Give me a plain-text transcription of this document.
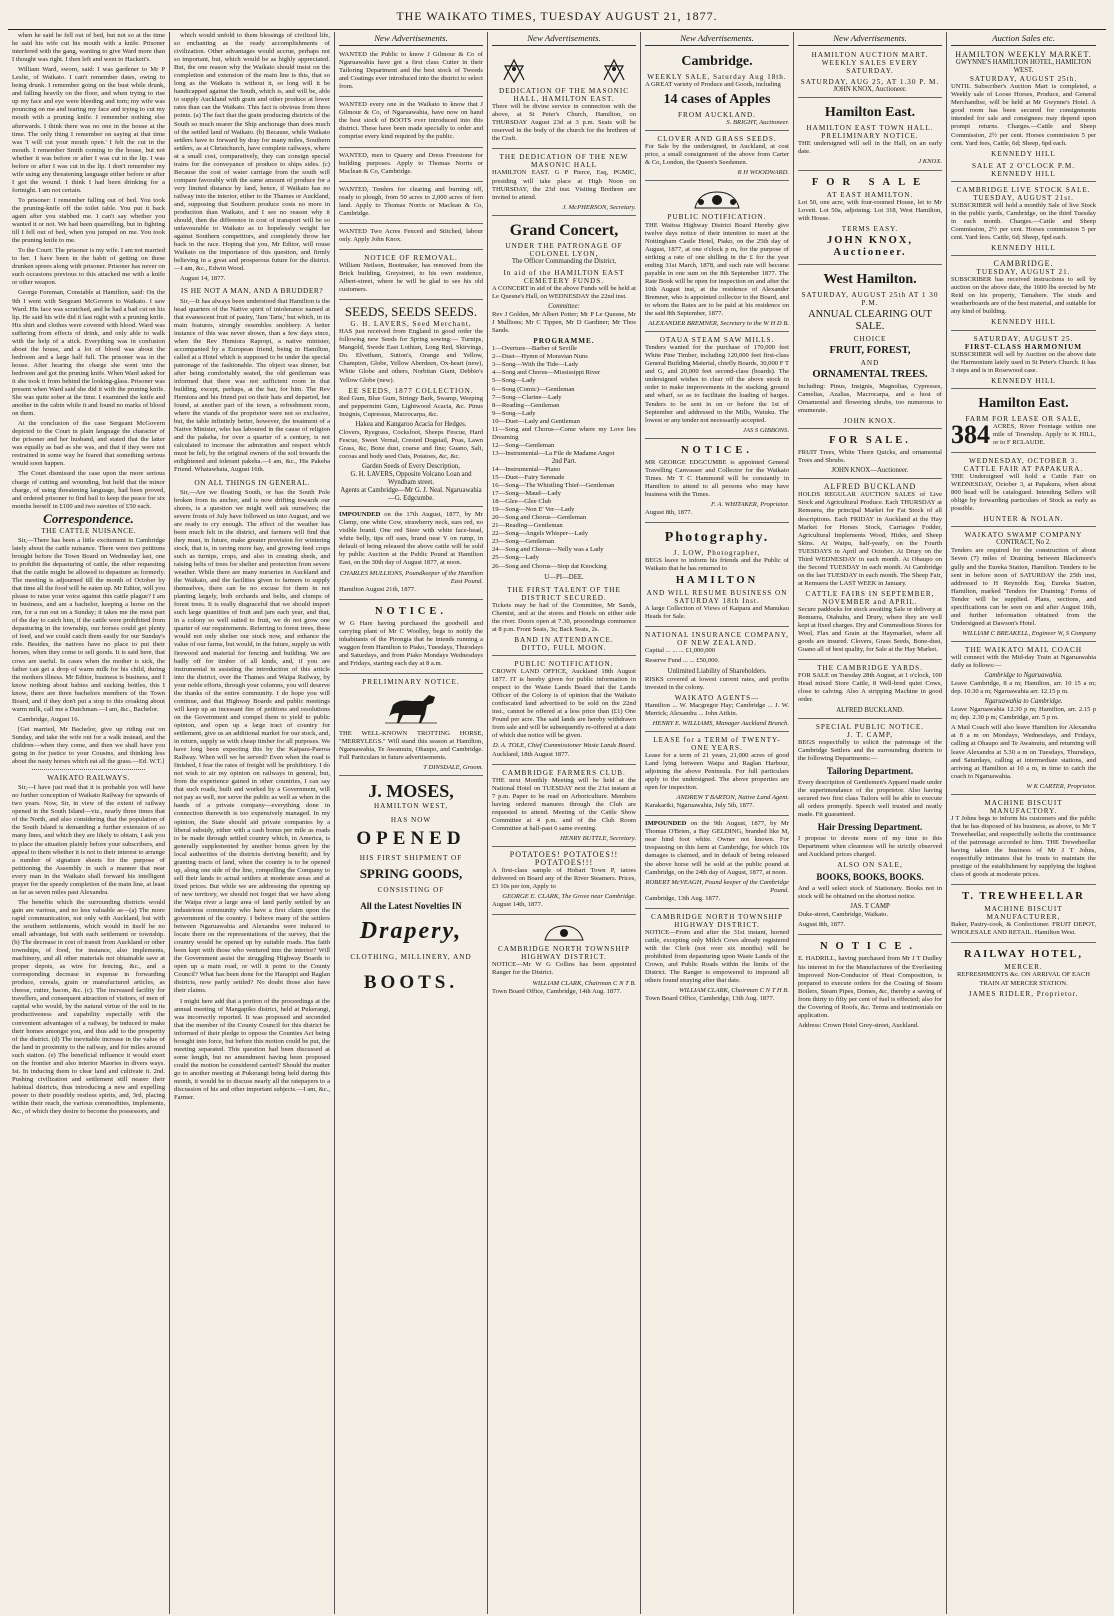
THE WAIKATO TIMES, TUESDAY AUGUST 21, 1877.

when he said he fell out of bed, but not so at the time he said his wife cut his mouth with a knife. Prisoner interfered with the gang, wanting to give Ward more than I thought was right. I then left and went to Hackett's.

William Ward, sworn, said: I was gardener to Mr P Leslie, of Waikato. I can't remember dates, owing to being drunk. I remember going on the bust while drunk, and falling heavily on the floor, and when trying to rise up my face and eye were bleeding and torn; my wife was pouncing on me and tearing my face and trying to cut my mouth with a pruning knife. I remember nothing else afterwards. I think there was no one in the house at the time. The only thing I remember on saying at that time was 'I will cut your mouth open.' I felt the cut in the mouth. I remember Smith coming to the house, but not whether it was before or after I was cut in the lip. I was before or after I was cut in the lip. I don't remember my wife using any threatening language either before or after I got the wound. I think I had been drinking for a fortnight. I am not certain.

To prisoner: I remember falling out of bed. You took the pruning-knife off the toilet table. You put it back again after you stabbed me. I can't say whether you wanted it or not. We had been quarrelling, but in fighting till I fell out of bed, when you jumped on me. You took the pruning knife to me.

To the Court: The prisoner is my wife. I am not married to her. I have been in the habit of getting on these drunken sprees along with prisoner. Prisoner has never on such occasions previous to this attacked me with a knife or other weapon.

George Foreman, Constable at Hamilton, said: On the 9th I went with Sergeant McGovern to Waikato. I saw Ward. His face was scratched, and he had a bad cut on his lip. He said his wife did it last night with a pruning knife. His shirt and clothes were covered with blood. Ward was suffering from effects of drink, and only able to walk with the help of a stick. Everything was in confusion about the house, and a lot of blood was about the bedroom and a large half full. The prisoner was in the house. After hearing the charge she went into the bedroom and got the pruning knife. When Ward asked for it she took it from behind the looking-glass. Prisoner was present when Ward said she did it with the pruning knife. She was quite sober at the time. I examined the knife and another in the cabin while it and found no marks of blood on them.

At the conclusion of the case Sergeant McGovern depicted to the Court in plain language the character of the prisoner and her husband, and stated that the latter was equally as bad as she was, and that if they were not restrained in some way he feared that something serious would soon happen.

The Court dismissed the case upon the more serious charge of cutting and wounding, but held that the minor charge, of using threatening language, had been proved, and ordered prisoner to find bail to keep the peace for six months herself in £100 and two sureties of £50 each.

Correspondence.
THE CATTLE NUISANCE.

Sir,—There has been a little excitement in Cambridge lately about the cattle nuisance. There were two petitions brought before the Town Board on Wednesday last, one to prohibit the depasturing of cattle, the other requesting that the cattle might be allowed to depasture as formerly. The meeting is adjourned till the month of October by that time all the food will be eaten up. Mr Editor, will you please to raise your voice against this cattle plague? I am in business, and am a bachelor, keeping a horse on the run, for a run out on a Sunday; it takes me the most part of the day to catch him, if the cattle were prohibited from depasturing in the township, our horses could get plenty of feed, and we could catch them easily for our Sunday's ride. Besides, the natives have no place to put their horses, when they come to sell goods. It is said here, that cows are useful. In cases when the mother is sick, the father can get a drop of warm milk for his child, during the mothers illness. Mr Editor, business is business, and I know nothing about babies and sucking bottles, this I know, there are three bachelors members of the Town Board, and if they don't put a stop to this croaking about warm milk, call me a Dutchman.—I am, &c., Bachelor.

Cambridge, August 16.

[Get married, Mr Bachelor, give up riding out on Sunday, and take the wife out for a walk instead, and the children—when they come, and then we shall have you going in for justice to your Cousins, and thinking less about the nasty horses which eat all the grass.—Ed. W.T.]

WAIKATO RAILWAYS.

Sir,—I have just read that it is probable you will have no further conception of Waikato Railway for upwards of two years. Now, Sir, in view of the extent of railway opened in the South Island—viz., nearly three times that of the North, and also considering that the population of the South Island is demanding a further extension of so many lines, and which they are likely to obtain, I ask you to place the situation plainly before your subscribers, and appeal to them whether it is not to their interest to arrange a number of signature sheets for the purpose of petitioning the Assembly in such a manner that near every man in the Waikato shall forward his intelligent prayer for the speedy completion of the main line, at least as far as seven miles past Alexandra.

The benefits which the surrounding districts would gain are various, and no less valuable as—(a) The more rapid communication, not only with Auckland, but with the southern settlements, which would in itself be no small advantage, but with each settlement or township. (b) The decrease in cost of transit from Auckland or other townships, of food, for instance, also implements, machinery, and all other materials not obtainable save at proper depots, as wire for fencing, &c., and a corresponding decrease in expense in forwarding produce, cereals, grain or manufactured articles, as cheese, cutter, bacon, &c. (c). The increased facility for travellers, and consequent attraction of visitors, of men of capital who would, by the natural virtue of the soil in its productiveness and capability especially with the convenient advantages of a railway, be induced to make their homes amongst you, and thus add to the prosperity of the district. (d) The inevitable increase in the value of the land in proximity to the railway, and for miles around such station. (e) The beneficial influence it would exert on the frontier and also interior Maories in divers ways. Ist. In inducing them to clear land and cultivate it. 2nd. Pushing civilization and settlement still nearer their habitual districts, thus introducing a new and expelling power to their possibly restless spirits, and, 3rd, placing within their reach, the various commodities, implements, &c., of which they desire to become the possessors, and

which would unfold to them blessings of civilized life, so enchanting as the ready accomplishments of civilization. Other advantages would accrue, perhaps not so important, but, which would be as highly appreciated. But, the one reason why the Waikato should insist on the completion and extension of the main line is this, that so long as the Waikato is without it, so long will it be handicapped against the South, which is, and will be, able to supply Auckland with grain and other produce at lower rates than can the Waikato. This fact is obvious from three points. (a) The fact that the grain producing districts of the South so much nearer the Ship anchorage than does much of the settled land of Waikato. (b) Because, while Waikato settlers have to forward by dray for many miles, Southern settlers, as at Christchurch, have complete railways, where at a small cost, comparatively, they can consign special trains for the conveyance of produce to ships sides. (c) Because the cost of water carriage from the south will compare favorably with the same amount of produce for a very limited distance by land, hence, if Waikato has no railway into the interior, either to the Thames or Auckland, and, supposing that Southern produce costs no more in production than Waikato, and I see no reason why it should, then the difference in cost of transport will be so unfavourable to Waikato as to hopelessly weight her against Southern competitors, and completely throw her back in the race. Hoping that you, Mr Editor, will rouse Waikato on the importance of this question, and firmly believing in a great and prosperous future for the district.—I am, &c., Edwin Wood.

August 14, 1877.

IS HE NOT A MAN, AND A BRUDDER?

Sir,—It has always been understood that Hamilton is the head quarters of the Native spirit of intolerance named at that evanescent fruit of pastry, 'Jam Tarts,' but which, in its main features, strongly resembles snobbery. A better instance of this was never shown, than a few days since, when the Rev Hemiora Rapropi, a native minister, accompanied by a European friend, being in Hamilton, called at a Hotel which is supposed to be under the special patronage of the fashionable. The object was dinner, but after being comfortably seated, the old gentleman was informed that there was not sufficient room in that building, except, perhaps, at the bar, for him. The Rev Hemiora and his friend put on their hats and departed, but found, at another part of the town, a refreshment room, where the viands of the proprietor were not so exclusive, but, the table infinitely better, however, the treatment of a Native Minister, who has laboured in the cause of religion and the pakeha, for over a quarter of a century, is not calculated to increase the admiration and respect which must be felt, by the original owners of the soil towards the enlightened and tolerant pakeha.—I am, &c., His Pakeha Friend. Whatawhata, August 16th.

ON ALL THINGS IN GENERAL.

Sir,—Are we floating South, or has the South Pole broken from its anchor, and is now drifting towards our shores, is a question we might well ask ourselves; the severe frosts of July have followed us into August, and we are ready to cry enough. The effect of the weather has been much felt in the district, and farmers will find that they must, in future, make greater provision for wintering stock, that is, in raving more hay, and growing feed crops such as turnips, crops, and also in creating sheds, and raising belts of trees for shelter and protection from severe weather. While there are many nurseries in Auckland and the Waikato, and the facilities given to farmers to supply themselves, there can be no excuse for them in not planting largely, both orchards and belts, and clumps of forest trees. It is really disgraceful that we should import such large quantities of fruit and jam each year, and that, in a colony so well suited to fruit, we do not grow one quarter of our requirements. Referring to forest trees, these would not only shelter our stock now, and enhance the value of our farms, but would, in the future, supply us with firewood and material for fencing and building. We are badly off for timber of all kinds, and, if you are instrumental in assisting the introduction of this article into the district, over the Thames and Waipa Railway, by your noble efforts, through your columns, you will deserve the thanks of the entire community. I do hope you will continue, and that Highway Boards and public meetings will keep up an incessant fire of petitions and resolutions on the Government and compel them to yield to public opinion, and open up a large tract of country for settlement, give us an additional market for our stock, and, in return, supply us with cheap timber for all purposes. We have long been expecting this by the Kaipara-Paeroa Railway. When will we be served? Even when the road is finished, I fear the rates of freight will be prohibitory. I do not wish to air my opinion on railways in general, but, from the experience gained in other countries, I can say that such roads, built and worked by a Government, will not pay as well, nor serve the public as well as when in the hands of a private company—everything done in connection therewith is too expensively managed. In my opinion, the State should aid private companies by a liberal subsidy, either with a cash bonus per mile as roads to be made through settled country which, in America, is generally supplemented by another bonus given by the local authorities of the districts deriving benefit; and by granting tracts of land, when the country is to be opened up, along one side of the line, compelling the Company to sell their lands to actual settlers at moderate areas and at fixed prices. But while we are addressing the opening up of new territory, we should not forget that we have along the Waipa river a large area of land partly settled by an industrious community who have a first claim upon the government of the country. I believe many of the settlers between Ngaruawahia and Alexandra were induced to locate there on the representations of the survey, that the country would be opened up by suitable roads. Has faith been kept with those who ventured into the interior? Will the Government assist the struggling Highway Boards to open up a main road, or will it point to the County Council? What has been done for the Harapipi and Raglan districts, now partly settled? No doubt those also have their claims.

I might here add that a portion of the proceedings at the annual meeting of Mangapiko district, held at Pukerangi, was incorrectly reported. It was proposed and seconded that the member of the County Council for this district be informed of their pledge to oppose the Counties Act being brought into force, but before this motion could be put, the meeting separated. This question had been discussed at some length, but no amendment having been proposed could the motion be considered carried? Should the matter go to another meeting at Pukerangi being held during this month, it would be to discuss nearly all the ratepayers to a discussion of his and other important subjects.—I am, &c., Farmer.

New Advertisements.

WANTED the Public to know J Gilmour & Co of Ngaruawahia have got a first class Cutter in their Tailoring Department and the best stock of Tweeds and Coatings ever introduced into the district to select from.

WANTED every one in the Waikato to know that J Gilmour & Co, of Ngaruawahia, have now on hand the best stock of BOOTS ever introduced into this district. These have been made specially to order and comprise every kind required by the public.

WANTED, men to Quarry and Dress Freestone for building purposes. Apply to Thomas Norris or Maclean & Co, Cambridge.

WANTED, Tenders for clearing and burning off, ready to plough, from 50 acres to 2,000 acres of fern land. Apply to Thomas Norris or Maclean & Co, Cambridge.

WANTED Two Acres Fenced and Stitched, labour only. Apply John Knox.

NOTICE OF REMOVAL.

William Neilson, Bootmaker, has removed from the Brick building, Greystreet, to his own residence, Albert-street, where he will be glad to see his old customers.

SEEDS, SEEDS SEEDS.
G. H. LAVERS, Seed Merchant,

HAS just received from England in good order the following new Seeds for Spring sowing:— Turnips, Mangold, Swede East Lothian, Long Red, Skirvings, Do. Elvetham, Sutton's, Orange and Yellow, Champion, Globe, Yellow Aberdeen, Ox-heart (new), White Globe and others, Norbitan Giant, Debbio's Yellow Globe (new).

EE SEEDS, 1877 COLLECTION.

Red Gum, Blue Gum, Stringy Bark, Swamp, Weeping and peppermint Gum, Lightwood Acacia, &c. Pinus Insignis, Cupressus, Macrocarpa, &c.

Hakea and Kangaroo Acacia for Hedges.

Clovers, Ryegrass, Cocksfoot, Sheeps Fescue, Hard Fescue, Sweet Vernal, Crested Dogstail, Poas, Lawn Grass, &c, Bone dust, coarse and fine; Guano, Salt, cocoas and body seed Oats, Potatoes, &c, &c.

Garden Seeds of Every Description,
G. H. LAVERS, Opposite Volcano Loan and Wyndham street.
Agents at Cambridge—Mr G. J. Neal. Ngaruawahia—G. Edgcumbe.

IMPOUNDED on the 17th August, 1877, by Mr Clamp, one white Cow, strawberry neck, ears red, no visible brand. One red Steer with white face-head, white belly, tips off ears, brand near Y on rump, in default of being released the above cattle will be sold by public Auction at the Public Pound at Hamilton East, on the 30th day of August 1877, at noon.

CHARLES MULLIONS, Poundkeeper of the Hamilton East Pound.

Hamilton August 21th, 1877.

NOTICE.

W G Hare having purchased the goodwill and carrying plant of Mr C Woolley, begs to notify the inhabitants of the Pirongia that he intends running a waggon from Hamilton to Piako, Tuesdays, Thursdays and Saturdays, and from Piako Mondays Wednesdays and Fridays, starting each day at 8 a.m.

PRELIMINARY NOTICE.

THE WELL-KNOWN TROTTING HORSE, "MERRYLEGS." Will stand this season at Hamilton, Ngaruawahia, Te Awamutu, Ohaupo, and Cambridge. Full Particulars in future advertisements.

T DINSDALE, Groom.
J. MOSES,
HAMILTON WEST,
HAS NOW
OPENED
HIS FIRST SHIPMENT OF
SPRING GOODS,
CONSISTING OF
All the Latest Novelties IN
Drapery,
CLOTHING, MILLINERY, AND
BOOTS.
New Advertisements.
DEDICATION OF THE MASONIC HALL, HAMILTON EAST.

There will be divine service in connection with the above, at St Peter's Church, Hamilton, on THURSDAY August 23d at 3 p.m. Seats will be reserved in the body of the church for the brethren of the Craft.

THE DEDICATION OF THE NEW MASONIC HALL

HAMILTON EAST. G P Pierce, Esq, PGMIC, presiding will take place at High Noon on THURSDAY, the 23d inst. Visiting Brethren are invited to attend.

J. McPHERSON, Secretary.
Grand Concert,
UNDER THE PATRONAGE OF COLONEL LYON,
The Officer Commanding the District,
In aid of the HAMILTON EAST CEMETERY FUNDS.

A CONCERT in aid of the above Funds will be held at Le Quesne's Hall, on WEDNESDAY the 22nd inst.

Committee:

Rev J Golden, Mr Albert Potter; Mr P Le Quesne, Mr J Mullions; Mr C Tippen, Mr D Gardiner; Mr Thos Sands.

PROGRAMME.
1—Overture—Barber of Seville
2—Duet—Hymn of Moravian Nuns
3—Song—With the Tide—Lady
4—Song and Chorus—Mississippi River
5—Song—Lady
6—Song (Comic)—Gentleman
7—Song—Clarine—Lady
8—Reading—Gentleman
9—Song—Lady
10—Duet—Lady and Gentleman
11—Song and Chorus—Come where my Love lies Dreaming
12—Song—Gentleman
13—Instrumental—La File de Madame Angot
2nd Part.
14—Instrumental—Piano
15—Duet—Fairy Serenade
16—Song—The Whistling Thief—Gentleman
17—Song—Maud—Lady
18—Glee—Glee Club
19—Song—Non E' Ver—Lady
20—Song and Chorus—Gentleman
21—Reading—Gentleman
22—Song—Angels Whisper—Lady
23—Song—Gentleman
24—Song and Chorus—Nelly was a Lady
25—Song—Lady
26—Song and Chorus—Stop dat Knocking
U—PI—DEE.
THE FIRST TALENT OF THE DISTRICT SECURED.

Tickets may be had of the Committee, Mr Sands, Chemist, and at the stores and Hotels on either side the river. Doors open at 7.30, proceedings commence at 8 p.m. Front Seats, 3s; Back Seats, 2s.

BAND IN ATTENDANCE.
DITTO, FULL MOON.
PUBLIC NOTIFICATION.

CROWN LAND OFFICE, Auckland 18th August 1877. IT is hereby given for public information in respect to the Waste Lands Board that the Lands Officer of the Colony is of opinion that the Waikato confiscated land advertised to be sold on the 22nd inst., cannot be offered at a less price than (£1) One Pound per acre. The said lands are hereby withdrawn from sale and will be subsequently re-offered at a date of which due notice will be given.

D. A. TOLE, Chief Commissioner Waste Lands Board.

Auckland, 18th August 1877.

CAMBRIDGE FARMERS CLUB.

THE next Monthly Meeting will be held at the National Hotel on TUESDAY next the 21st instant at 7 p.m. Paper to be read on Arboriculture. Members having ordered manures through the Club are requested to attend. Meeting of the Cattle Show Committee at 4 p.m. and of the Club Room Committee at half-past 6 same evening.

HENRY BUTTLE, Secretary.
POTATOES! POTATOES!!
POTATOES!!!

A first-class sample of Hobart Town P, tatoes delivered on Board any of the River Steamers. Prices, £3 10s per ton, Apply to

GEORGE E. CLARK, The Grove near Cambridge.

August 14th, 1877.

CAMBRIDGE NORTH TOWNSHIP HIGHWAY DISTRICT.

NOTICE—Mr W G Collins has been appointed Ranger for the District.

WILLIAM CLARK, Chairman C N T B.

Town Board Office, Cambridge, 14th Aug. 1877.

New Advertisements.
Cambridge.
WEEKLY SALE, Saturday Aug 18th.

A GREAT variety of Produce and Goods, including

14 cases of Apples
FROM AUCKLAND.
S. BRIGHT, Auctioneer.
CLOVER AND GRASS SEEDS.

For Sale by the undersigned, in Auckland, at cost price, a small consignment of the above from Carter & Co, London, the Queen's Seedsmen.

R H WOODWARD.
PUBLIC NOTIFICATION.

THE Waitoa Highway District Board Hereby give twelve days notice of their intention to meet at the Nottingham Castle Hotel, Piako, on the 25th day of August, 1877, at one o'clock p m, for the purpose of striking a rate of one shilling in the £ for the year ending 31st March, 1878, and such rate will become payable in one sum on the 8th September 1877. The Rate Book will be open for inspection on and after the 10th August inst, at the residence of Alexander Bremner, who is appointed collector to the Board, and to whom the Rates are to be paid at his residence on the said 8th September, 1877.

ALEXANDER BREMNER, Secretary to the W H D B.
OTAUA STEAM SAW MILLS.

Tenders wanted for the purchase of 170,000 feet White Pine Timber, including 120,000 feet first-class General Building Material, chiefly Boards, 30,000 F T and G, and 20,000 feet second-class (boards). The undersigned wishes to clear off the above stock in order to make improvements in the stacking ground and wharf, so as to facilitate the loading of barges. Tenders to be sent in on or before the 1st of September and addressed to the Mills, Waiuku. The lowest or any tender not necessarily accepted.

JAS S GIBBONS.
NOTICE.

MR GEORGE EDGCUMBE is appointed General Travelling Canvasser and Collector for the Waikato Times. Mr T C Hammond will be constantly in Hamilton to attend to all persons who may have business with the Times.

F. A. WHITAKER, Proprietor.

August 8th, 1877.

Photography.
J. LOW, Photographer,

BEGS leave to inform his friends and the Public of Waikato that he has returned to

HAMILTON
AND WILL RESUME BUSINESS ON
SATURDAY 18th Inst.

A large Collection of Views of Kaipara and Manukau Heads for Sale.

NATIONAL INSURANCE COMPANY, OF NEW ZEALAND.

Capital ... ... ... £1,000,000

Reserve Fund ... ... £50,000.

Unlimited Liability of Shareholders.

RISKS covered at lowest current rates, and profits invested in the colony.

WAIKATO AGENTS—

Hamilton ... W. Macgregor Hay; Cambridge ... J. W. Merrick; Alexandra ... John Aitkin.

HENRY E. WILLIAMS, Manager Auckland Branch.
LEASE for a TERM of TWENTY-ONE YEARS.

Lease for a term of 21 years, 21,000 acres of good Land lying between Waipa and Raglan Harbour, adjoining the above Peninsula. For full particulars apply to the undersigned. The above properties are open for inspection.

ANDREW T BARTON, Native Land Agent.

Karakariki, Ngaruawahia, July 5th, 1877.

IMPOUNDED on the 9th August, 1877, by Mr Thomas O'Brien, a Bay GELDING, branded like M, near hind foot white. Owner not known. For trespassing on this farm at Cambridge, for which 10s damages is claimed, and in default of being released the above horse will be sold at the public pound at Cambridge, on the 24th day of August, 1877, at noon.

ROBERT McVEAGH, Pound keeper of the Cambridge Pound.

Cambridge, 13th Aug. 1877.

CAMBRIDGE NORTH TOWNSHIP HIGHWAY DISTRICT.

NOTICE—From and after the 31st instant, horned cattle, excepting only Milch Cows already registered with the Clerk (not over six months) will be prohibited from depasturing upon Waste Lands of the Crown, and Public Roads within the limits of the District. The Ranger is empowered to impound all others found straying after that date.

WILLIAM CLARK, Chairman C N T H B.

Town Board Office, Cambridge, 13th Aug. 1877.

New Advertisements.
HAMILTON AUCTION MART.
WEEKLY SALES EVERY SATURDAY.
SATURDAY, AUG 25, AT 1.30 P. M.
JOHN KNOX, Auctioneer.
Hamilton East.
HAMILTON EAST TOWN HALL.
PRELIMINARY NOTICE.

THE undersigned will sell in the Hall, on an early date.

J KNOX.
FOR SALE
AT EAST HAMILTON.

Lot 50, one acre, with four-roomed House, let to Mr Lovett. Lot 50a, adjoining. Lot 318, West Hamilton, with House.

TERMS EASY.
JOHN KNOX, Auctioneer.
West Hamilton.
SATURDAY, AUGUST 25th AT 1 30 P.M.
ANNUAL CLEARING OUT SALE.
CHOICE
FRUIT, FOREST,
AND
ORNAMENTAL TREES.

Including: Pinus, Insignis, Magnolias, Cypresses, Camelias, Azalias, Macrocarpa, and a host of Ornamental and flowering shrubs, too numerous to enumerate.

JOHN KNOX.
FOR SALE.

FRUIT Trees, White Thorn Quicks, and ornamental Trees and Shrubs.

JOHN KNOX—Auctioneer.
ALFRED BUCKLAND

HOLDS REGULAR AUCTION SALES of Live Stock and Agricultural Produce. Each THURSDAY at Remuera, the principal Market for Fat Stock of all descriptions. Each FRIDAY in Auckland at the Hay Market for Horses Stock, Carriages Fodder, Agricultural Implements Wood, Hides, and Sheep Skins. At Waipu, half-yearly, on the Fourth TUESDAYS in April and October. At Drury on the Third WEDNESDAY in each month. At Ohaupo on the Second TUESDAY in each month. At Cambridge on the last TUESDAY in each month. The Sheep Fair, at Remuera the LAST WEEK in January.

CATTLE FAIRS IN SEPTEMBER, NOVEMBER and APRIL.

Secure paddocks for stock awaiting Sale or delivery at Remuera, Otahuhu, and Drury, where they are well kept at fixed charges. Dry and Commodious Stores for Wool, Flax and Grain at the Haymarket, where all goods are insured. Clovers, Grass Seeds, Bone-dust, Guano all of best quality, for Sale at the Hay Market.

THE CAMBRIDGE YARDS.

FOR SALE on Tuesday 28th August, at 1 o'clock, 100 Head mixed Store Cattle, 8 Well-bred quiet Cows, close to calving. Also A stripping Machine in good order.

ALFRED BUCKLAND.
SPECIAL PUBLIC NOTICE.
J. T. CAMP,

BEGS respectfully to solicit the patronage of the Cambridge Settlers and the surrounding districts to the following Departments:—

Tailoring Department.

Every description of Gentlemen's Apparel made under the superintendance of the proprietor. Also having secured two first class Tailors will be able to execute all orders promptly. Speech well trusted and neatly made. Fit guaranteed.

Hair Dressing Department.

I propose to devote more of my time to this Department when cleanness will be strictly observed and Auckland prices charged.

ALSO ON SALE,
BOOKS, BOOKS, BOOKS.

And a well select stock of Stationary. Books not in stock will be obtained on the shortest notice.

JAS. T CAMP

Duke-street, Cambridge, Waikato.

August 8th, 1877.

NOTICE.

E. HADRILL, having purchased from Mr J T Dudley his interest in for the Manufactures of the Everlasting Improved Non-Conductor of Heat Composition, is prepared to execute orders for the Coating of Steam Boilers, Steam Pipes, Domes, &c, thereby a saving of from thirty to fifty per cent of fuel is effected; also for the Covering of Roofs, &c. Terms and testimonials on application.

Address: Crown Hotel Grey-street, Auckland.

Auction Sales etc.
HAMILTON WEEKLY MARKET.
GWYNNE'S HAMILTON HOTEL, HAMILTON WEST.
SATURDAY, AUGUST 25th.

UNTIL Subscriber's Auction Mart is completed, a Weekly sale of Loose Horses, Produce, and General Merchandise, will be held at Mr Gwynne's Hotel. A good room has been secured for consignments intended for sale and consignees may depend upon prompt returns. Charges.—Cattle and Sheep Commission, 2½ per cent. Horses commission 5 per cent. Yard fees, Cattle, 6d; Sheep, 6pd each.

KENNEDY HILL
SALE AT 2 O'CLOCK P.M.
KENNEDY HILL
CAMBRIDGE LIVE STOCK SALE.
TUESDAY, AUGUST 21st.

SUBSCRIBER will hold a monthly Sale of live Stock in the public yards, Cambridge, on the third Tuesday in each month. Charges.—Cattle and Sheep Commission, 2½ per cent. Horses commission 5 per cent. Yard fees. Cattle, 6d; Sheep, 6pd each.

KENNEDY HILL
CAMBRIDGE.
TUESDAY, AUGUST 21.

SUBSCRIBER has received instructions to sell by auction on the above date, the 1600 lbs erected by Mr Reid on his property, Tamahere. The studs and weatherboards are of the best material, and suitable for any kind of building.

KENNEDY HILL
SATURDAY, AUGUST 25.
FIRST-CLASS HARMONIUM

SUBSCRIBER will sell by Auction on the above date the Harmonium lately used in St Peter's Church. It has 3 steps and is in Rosewood case.

KENNEDY HILL
Hamilton East.
FARM FOR LEASE OR SALE,

384 ACRES, River Frontage within one mile of Township. Apply to K HILL, or to F RCLAUDE.

WEDNESDAY, OCTOBER 3.
CATTLE FAIR AT PAPAKURA.

THE Undersigned will hold a Cattle Fair on WEDNESDAY, October 3, at Papakura, when about 800 head will be catalogued. Intending Sellers will oblige by forwarding particulars of Stock as early as possible.

HUNTER & NOLAN.
WAIKATO SWAMP COMPANY
CONTRACT, No 2.

Tenders are required for the construction of about Seven (7) miles of Draining between Blackmore's gully and the Eureka Station, Hamilton. Tenders to be sent in before noon of SATURDAY the 25th inst, addressed to H Reynolds Esq, Eureka Station, Hamilton, marked 'Tenders for Draining.' Forms of Tender will be supplied. Plans, sections, and specifications can be seen on and after August 16th, and further information obtained from the Undersigned at Dawson's Hotel.

WILLIAM C BREAKELL, Engineer W, S Company
THE WAIKATO MAIL COACH

will connect with the Mid-day Train at Ngaruawahia daily as follows:—

Cambridge to Ngaruawahia.

Leave Cambridge, 8 a m; Hamilton, arr. 10 15 a m; dep. 10.30 a m; Ngaruawahia arr. 12.15 p m.

Ngaruawahia to Cambridge.

Leave Ngaruawahia 12.30 p m; Hamilton, arr. 2.15 p m; dep. 2.30 p m; Cambridge, arr. 5 p m.

A Mail Coach will also leave Hamilton for Alexandra at 8 a m on Mondays, Wednesdays, and Fridays, calling at Ohaupo and Te Awamutu, and returning will leave Alexandra at 5.30 a m on Tuesdays, Thursdays, and Saturdays, calling at intermediate stations, and arriving at Hamilton at 10 a m, in time to catch the coach to Ngaruawahia.

W K CARTER, Proprietor.
MACHINE BISCUIT MANUFACTORY.

J T Johns begs to inform his customers and the public that he has disposed of his business, as above, to Mr T Treweheellar, and respectfully solicits the continuance of the patronage accorded to him. THE Treweheellar having taken the business of Mr J T Johns, respectfully intimates that he trusts to maintain the prestige of the establishment by supplying the highest class of goods at moderate prices.

T. TREWHEELLAR
MACHINE BISCUIT MANUFACTURER,

Baker, Pastry-cook, & Confectioner. FRUIT DEPOT, WHOLESALE AND RETAIL. Hamilton West.

RAILWAY HOTEL,
MERCER.

REFRESHMENTS &c. ON ARRIVAL OF EACH TRAIN AT MERCER STATION.

JAMES RIDLER, Proprietor.
